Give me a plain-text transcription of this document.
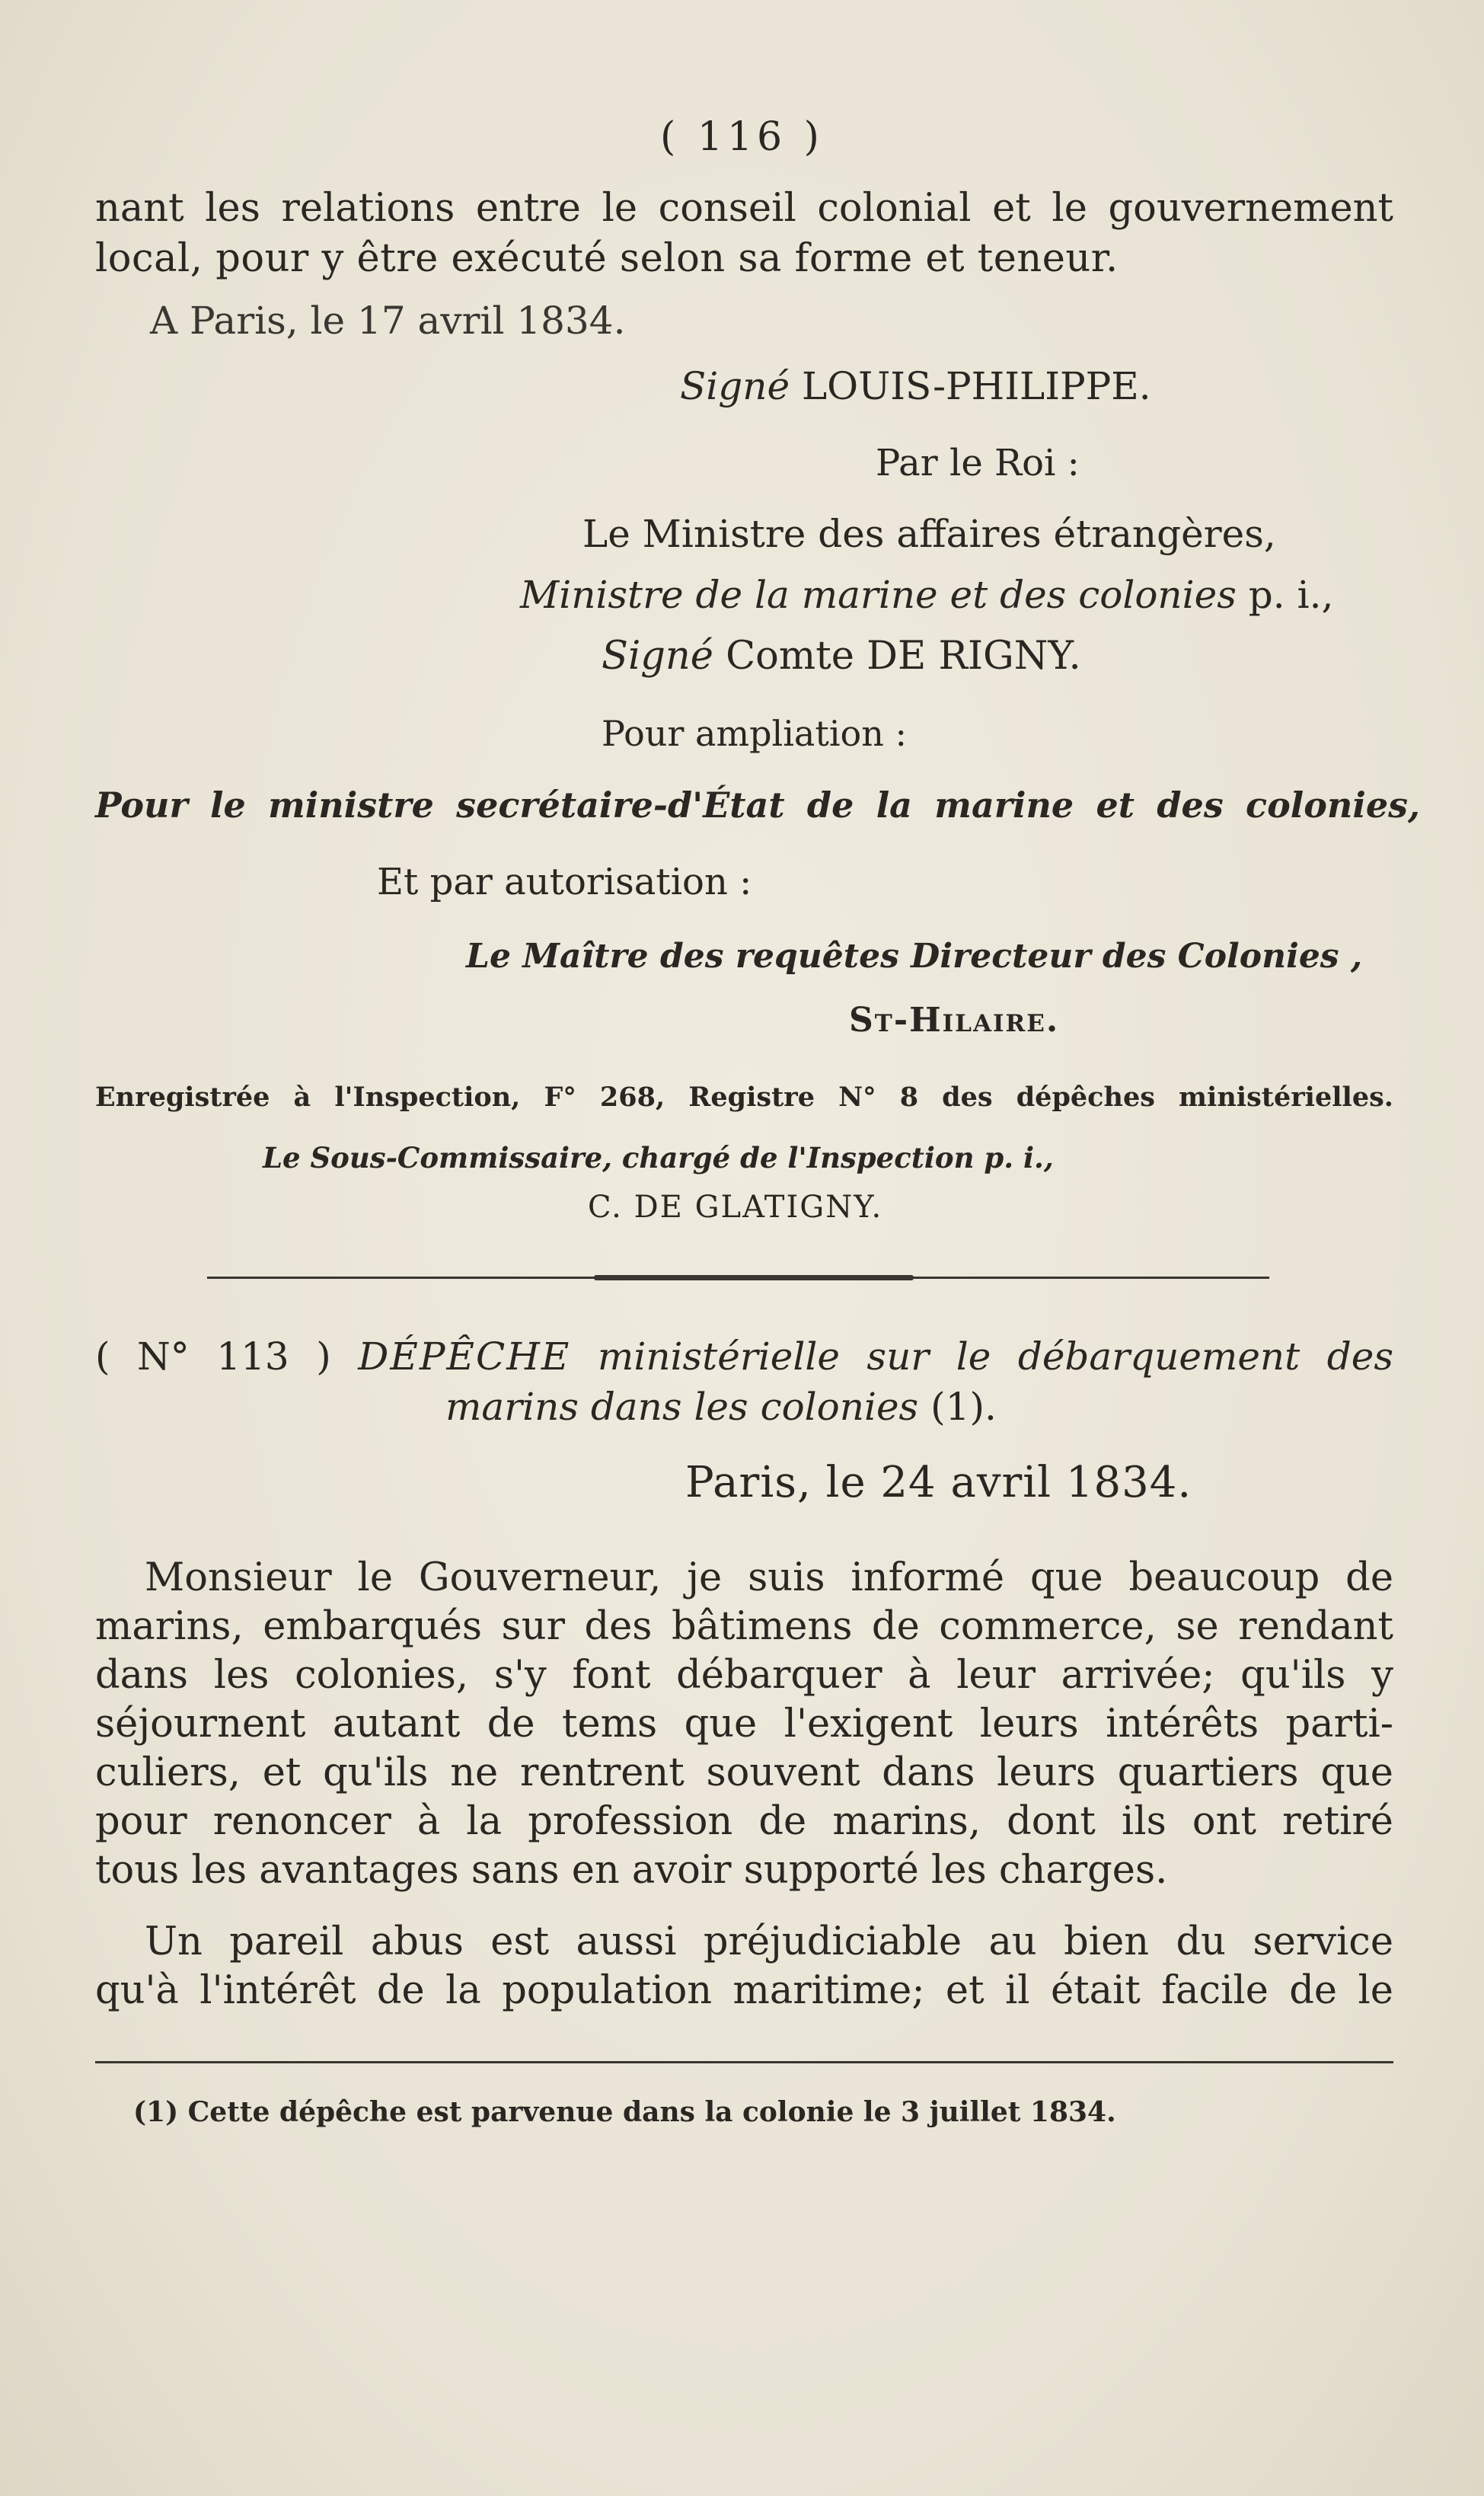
( 116 )
nant les relations entre le conseil colonial et le gouvernement
local, pour y être exécuté selon sa forme et teneur.
A Paris, le 17 avril 1834.
Signé LOUIS-PHILIPPE.
Par le Roi :
Le Ministre des affaires étrangères,
Ministre de la marine et des colonies p. i.,
Signé Comte DE RIGNY.
Pour ampliation :
Pour le ministre secrétaire-d'État de la marine et des colonies,
Et par autorisation :
Le Maître des requêtes Directeur des Colonies ,
St-Hilaire.
Enregistrée à l'Inspection, F° 268, Registre N° 8 des dépêches ministérielles.
Le Sous-Commissaire, chargé de l'Inspection p. i.,
C. DE GLATIGNY.
( N° 113 ) DÉPÊCHE ministérielle sur le débarquement des
marins dans les colonies (1).
Paris, le 24 avril 1834.
Monsieur le Gouverneur, je suis informé que beaucoup de
marins, embarqués sur des bâtimens de commerce, se rendant
dans les colonies, s'y font débarquer à leur arrivée; qu'ils y
séjournent autant de tems que l'exigent leurs intérêts parti-
culiers, et qu'ils ne rentrent souvent dans leurs quartiers que
pour renoncer à la profession de marins, dont ils ont retiré
tous les avantages sans en avoir supporté les charges.
Un pareil abus est aussi préjudiciable au bien du service
qu'à l'intérêt de la population maritime; et il était facile de le
(1) Cette dépêche est parvenue dans la colonie le 3 juillet 1834.
